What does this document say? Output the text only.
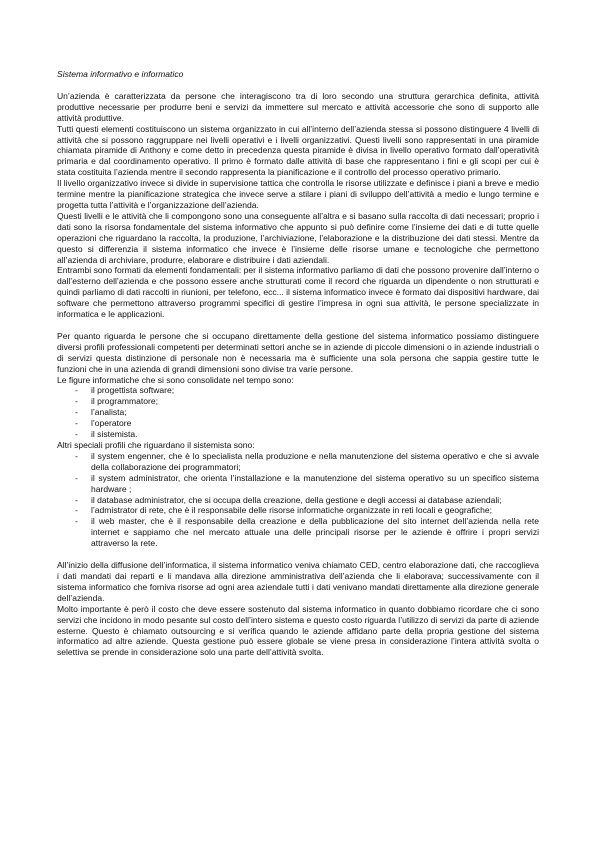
Sistema informativo e informatico

Un’azienda è caratterizzata da persone che interagiscono tra di loro secondo una struttura gerarchica definita, attività produttive necessarie per produrre beni e servizi da immettere sul mercato e attività accessorie che sono di supporto alle attività produttive.

Tutti questi elementi costituiscono un sistema organizzato in cui all’interno dell’azienda stessa si possono distinguere 4 livelli di attività che si possono raggruppare nei livelli operativi e i livelli organizzativi. Questi livelli sono rappresentati in una piramide chiamata piramide di Anthony e come detto in precedenza questa piramide è divisa in livello operativo formato dall’operatività primaria e dal coordinamento operativo. Il primo è formato dalle attività di base che rappresentano i fini e gli scopi per cui è stata costituita l’azienda mentre il secondo rappresenta la pianificazione e il controllo del processo operativo primario.

Il livello organizzativo invece si divide in supervisione tattica che controlla le risorse utilizzate e definisce i piani a breve e medio termine mentre la pianificazione strategica che invece serve a stilare i piani di sviluppo dell’attività a medio e lungo termine e progetta tutta l’attività e l’organizzazione dell’azienda.

Questi livelli e le attività che li compongono sono una conseguente all’altra e si basano sulla raccolta di dati necessari; proprio i dati sono la risorsa fondamentale del sistema informativo che appunto si può definire come l’insieme dei dati e di tutte quelle operazioni che riguardano la raccolta, la produzione, l’archiviazione, l’elaborazione e la distribuzione dei dati stessi. Mentre da questo si differenzia il sistema informatico che invece è l’insieme delle risorse umane e tecnologiche che permettono all’azienda di archiviare, produrre, elaborare e distribuire i dati aziendali.

Entrambi sono formati da elementi fondamentali: per il sistema informativo parliamo di dati che possono provenire dall’interno o dall’esterno dell’azienda e che possono essere anche strutturati come il record che riguarda un dipendente o non strutturati e quindi parliamo di dati raccolti in riunioni, per telefono, ecc... il sistema informatico invece è formato dai dispositivi hardware, dai software che permettono attraverso programmi specifici di gestire l’impresa in ogni sua attività, le persone specializzate in informatica e le applicazioni.

Per quanto riguarda le persone che si occupano direttamente della gestione del sistema informatico possiamo distinguere diversi profili professionali competenti per determinati settori anche se in aziende di piccole dimensioni o in aziende industriali o di servizi questa distinzione di personale non è necessaria ma è sufficiente una sola persona che sappia gestire tutte le funzioni che in una azienda di grandi dimensioni sono divise tra varie persone.

Le figure informatiche che si sono consolidate nel tempo sono:

- il progettista software;
- il programmatore;
- l’analista;
- l’operatore
- il sistemista.

Altri speciali profili che riguardano il sistemista sono:

- il system engenner, che è lo specialista nella produzione e nella manutenzione del sistema operativo e che si avvale della collaborazione dei programmatori;
- il system administrator, che orienta l’installazione e la manutenzione del sistema operativo su un specifico sistema hardware ;
- il database administrator, che si occupa della creazione, della gestione e degli accessi ai database aziendali;
- l’admistrator di rete, che è il responsabile delle risorse informatiche organizzate in reti locali e geografiche;
- il web master, che è il responsabile della creazione e della pubblicazione del sito internet dell’azienda nella rete internet e sappiamo che nel mercato attuale una delle principali risorse per le aziende è offrire i propri servizi attraverso la rete.

All’inizio della diffusione dell’informatica, il sistema informatico veniva chiamato CED, centro elaborazione dati, che raccoglieva i dati mandati dai reparti e li mandava alla direzione amministrativa dell’azienda che li elaborava; successivamente con il sistema informatico che forniva risorse ad ogni area aziendale tutti i dati venivano mandati direttamente alla direzione generale dell’azienda.

Molto importante è però il costo che deve essere sostenuto dal sistema informatico in quanto dobbiamo ricordare che ci sono servizi che incidono in modo pesante sul costo dell’intero sistema e questo costo riguarda l’utilizzo di servizi da parte di aziende esterne. Questo è chiamato outsourcing e si verifica quando le aziende affidano parte della propria gestione del sistema informatico ad altre aziende. Questa gestione può essere globale se viene presa in considerazione l’intera attività svolta o selettiva se prende in considerazione solo una parte dell’attività svolta.
